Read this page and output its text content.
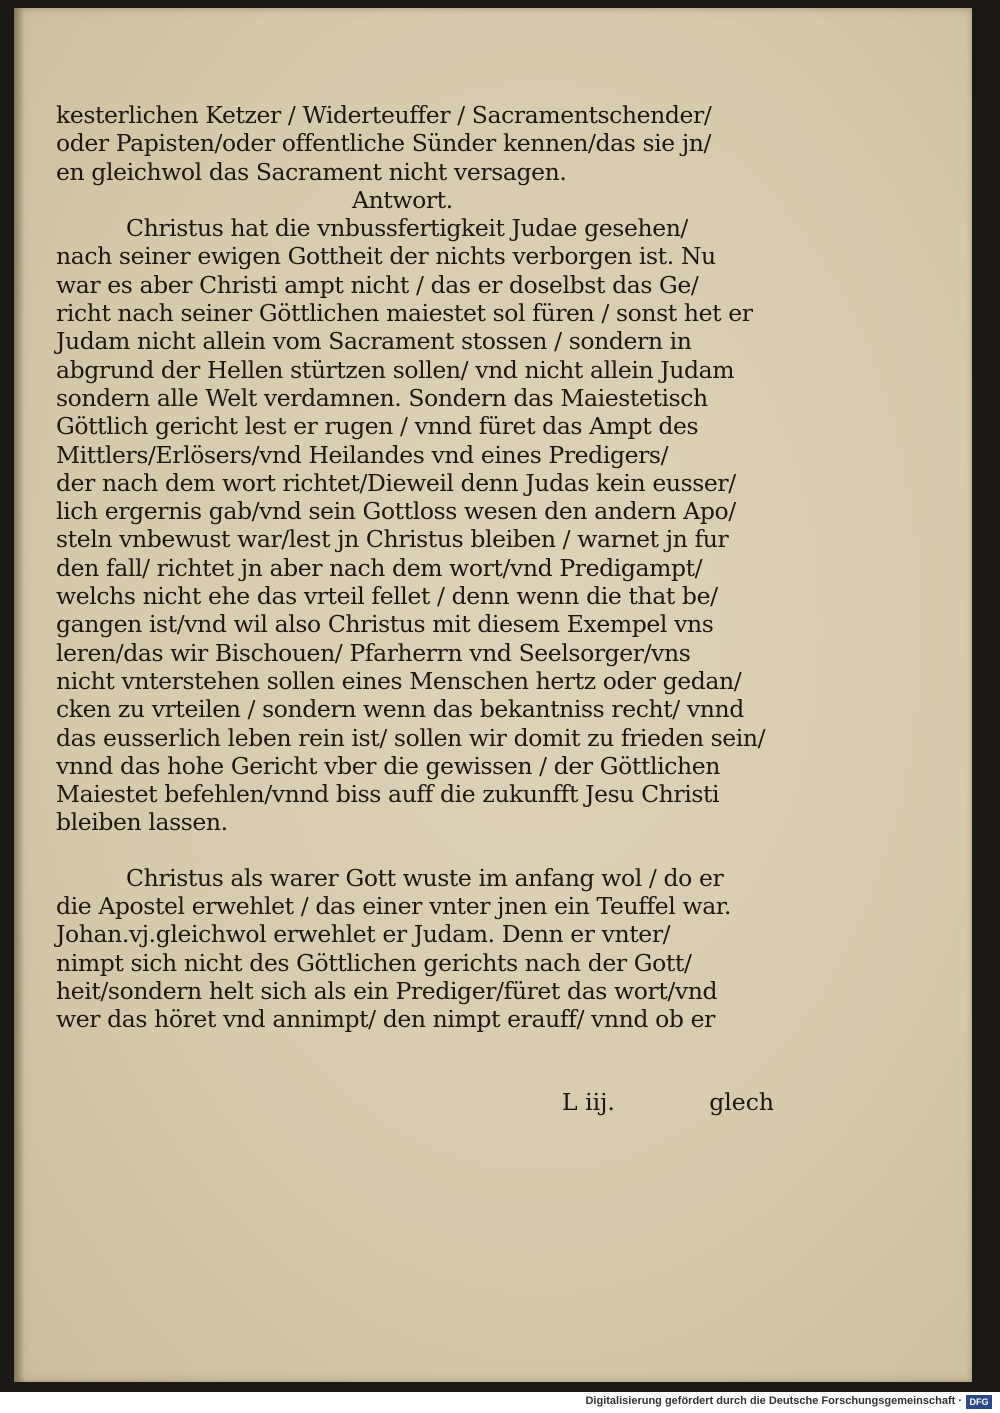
kesterlichen Ketzer / Widerteuffer / Sacramentschender/
oder Papisten/oder offentliche Sünder kennen/das sie jn/
en gleichwol das Sacrament nicht versagen.
Antwort.
Christus hat die vnbussfertigkeit Judae gesehen/
nach seiner ewigen Gottheit der nichts verborgen ist. Nu
war es aber Christi ampt nicht / das er doselbst das Ge/
richt nach seiner Göttlichen maiestet sol füren / sonst het er
Judam nicht allein vom Sacrament stossen / sondern in
abgrund der Hellen stürtzen sollen/ vnd nicht allein Judam
sondern alle Welt verdamnen. Sondern das Maiestetisch
Göttlich gericht lest er rugen / vnnd füret das Ampt des
Mittlers/Erlösers/vnd Heilandes vnd eines Predigers/
der nach dem wort richtet/Dieweil denn Judas kein eusser/
lich ergernis gab/vnd sein Gottloss wesen den andern Apo/
steln vnbewust war/lest jn Christus bleiben / warnet jn fur
den fall/ richtet jn aber nach dem wort/vnd Predigampt/
welchs nicht ehe das vrteil fellet / denn wenn die that be/
gangen ist/vnd wil also Christus mit diesem Exempel vns
leren/das wir Bischouen/ Pfarherrn vnd Seelsorger/vns
nicht vnterstehen sollen eines Menschen hertz oder gedan/
cken zu vrteilen / sondern wenn das bekantniss recht/ vnnd
das eusserlich leben rein ist/ sollen wir domit zu frieden sein/
vnnd das hohe Gericht vber die gewissen / der Göttlichen
Maiestet befehlen/vnnd biss auff die zukunfft Jesu Christi
bleiben lassen.
Christus als warer Gott wuste im anfang wol / do er
die Apostel erwehlet / das einer vnter jnen ein Teuffel war.
Johan.vj.gleichwol erwehlet er Judam. Denn er vnter/
nimpt sich nicht des Göttlichen gerichts nach der Gott/
heit/sondern helt sich als ein Prediger/füret das wort/vnd
wer das höret vnd annimpt/ den nimpt erauff/ vnnd ob er
L iij.	glech
Digitalisierung gefördert durch die Deutsche Forschungsgemeinschaft · DFG
